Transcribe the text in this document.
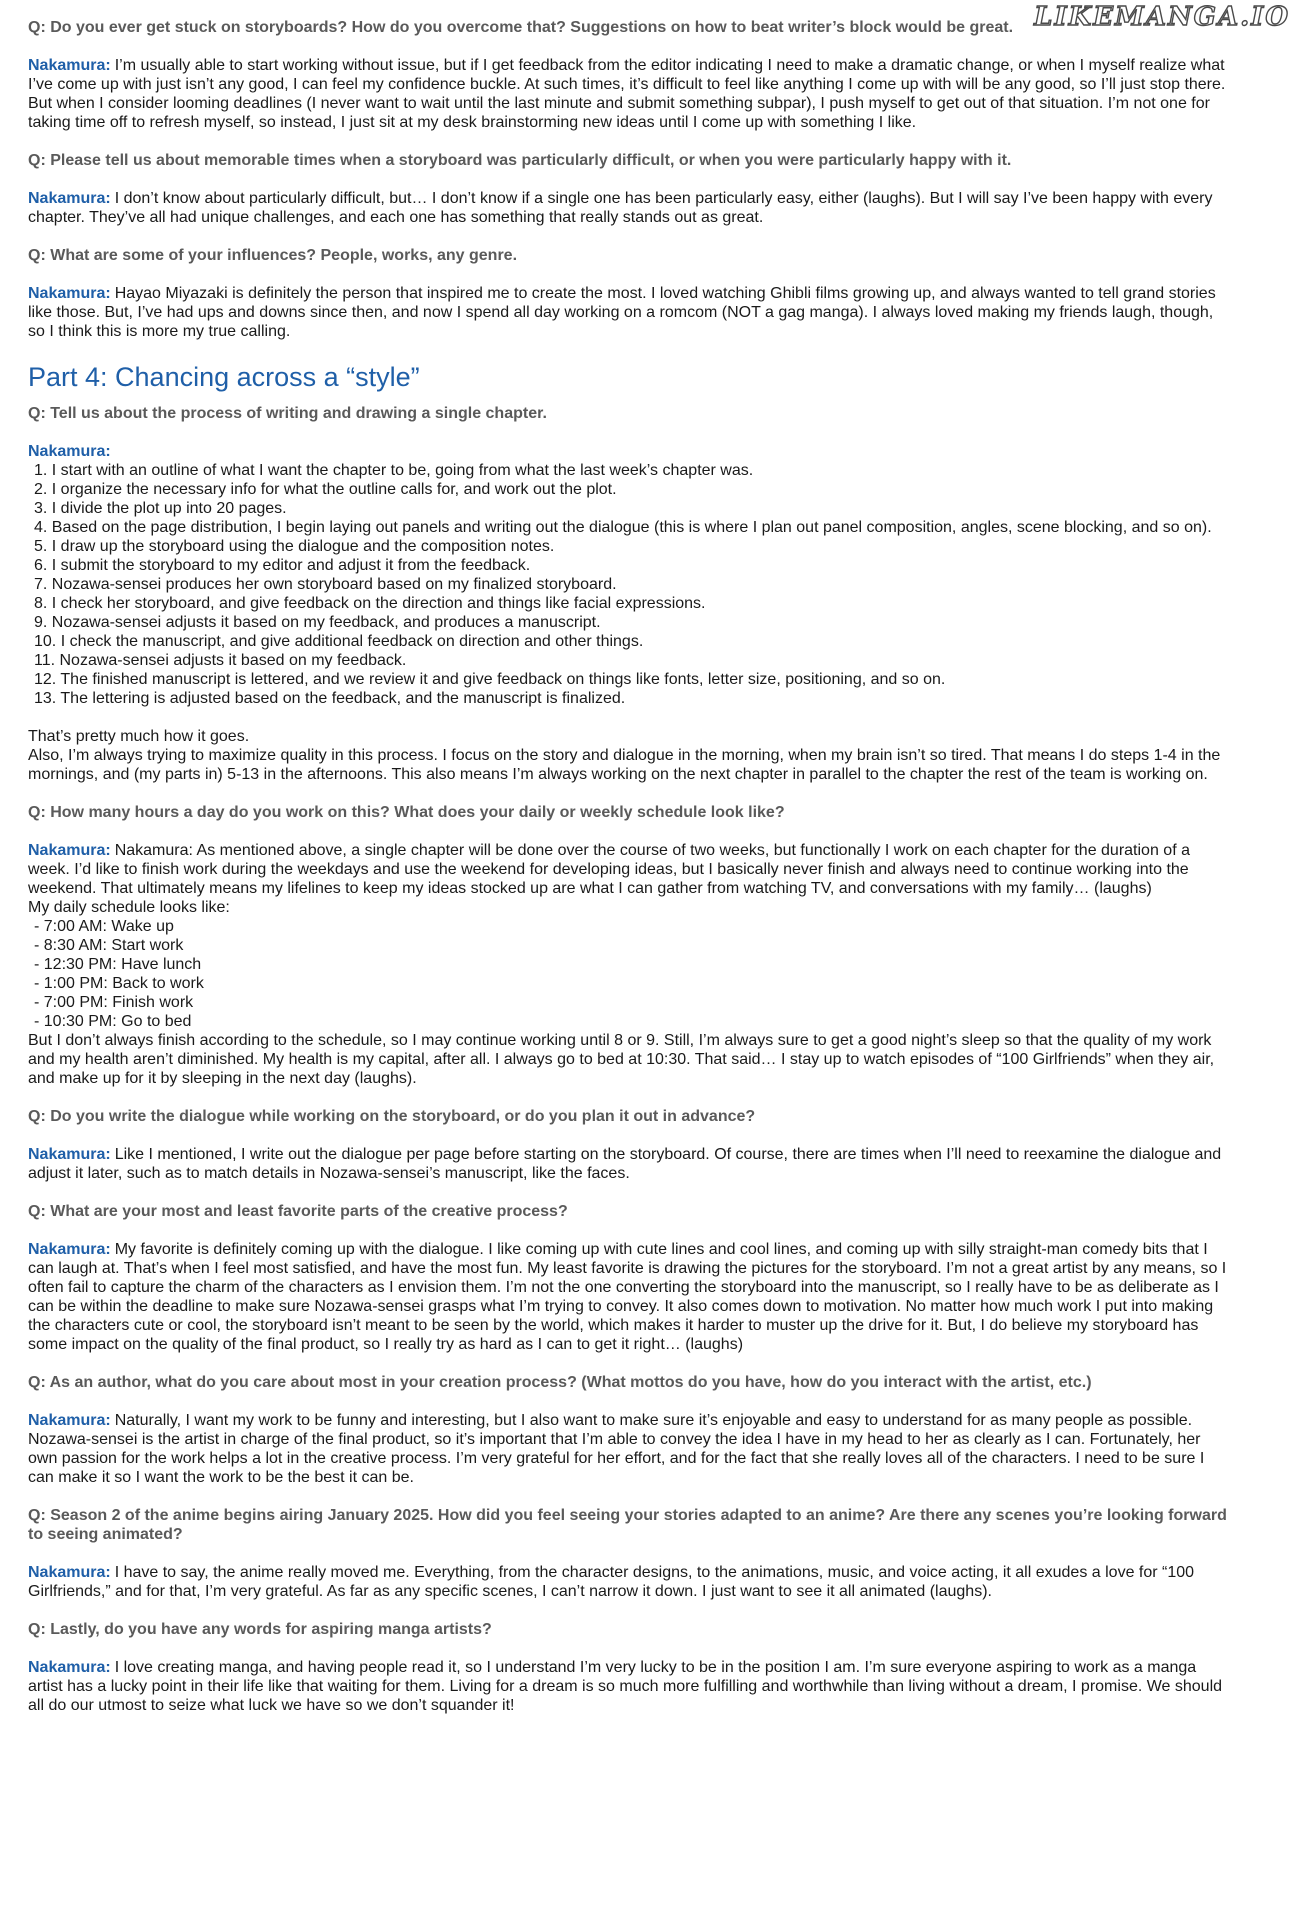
LIKEMANGA.IO

Q: Do you ever get stuck on storyboards? How do you overcome that? Suggestions on how to beat writer’s block would be great.

Nakamura: I’m usually able to start working without issue, but if I get feedback from the editor indicating I need to make a dramatic change, or when I myself realize what I’ve come up with just isn’t any good, I can feel my confidence buckle. At such times, it’s difficult to feel like anything I come up with will be any good, so I’ll just stop there. But when I consider looming deadlines (I never want to wait until the last minute and submit something subpar), I push myself to get out of that situation. I’m not one for taking time off to refresh myself, so instead, I just sit at my desk brainstorming new ideas until I come up with something I like.

Q: Please tell us about memorable times when a storyboard was particularly difficult, or when you were particularly happy with it.

Nakamura: I don’t know about particularly difficult, but… I don’t know if a single one has been particularly easy, either (laughs). But I will say I’ve been happy with every chapter. They’ve all had unique challenges, and each one has something that really stands out as great.

Q: What are some of your influences? People, works, any genre.

Nakamura: Hayao Miyazaki is definitely the person that inspired me to create the most. I loved watching Ghibli films growing up, and always wanted to tell grand stories like those. But, I’ve had ups and downs since then, and now I spend all day working on a romcom (NOT a gag manga). I always loved making my friends laugh, though, so I think this is more my true calling.

Part 4: Chancing across a “style”

Q: Tell us about the process of writing and drawing a single chapter.

Nakamura:
1. I start with an outline of what I want the chapter to be, going from what the last week’s chapter was.
2. I organize the necessary info for what the outline calls for, and work out the plot.
3. I divide the plot up into 20 pages.
4. Based on the page distribution, I begin laying out panels and writing out the dialogue (this is where I plan out panel composition, angles, scene blocking, and so on).
5. I draw up the storyboard using the dialogue and the composition notes.
6. I submit the storyboard to my editor and adjust it from the feedback.
7. Nozawa-sensei produces her own storyboard based on my finalized storyboard.
8. I check her storyboard, and give feedback on the direction and things like facial expressions.
9. Nozawa-sensei adjusts it based on my feedback, and produces a manuscript.
10. I check the manuscript, and give additional feedback on direction and other things.
11. Nozawa-sensei adjusts it based on my feedback.
12. The finished manuscript is lettered, and we review it and give feedback on things like fonts, letter size, positioning, and so on.
13. The lettering is adjusted based on the feedback, and the manuscript is finalized.
That’s pretty much how it goes.
Also, I’m always trying to maximize quality in this process. I focus on the story and dialogue in the morning, when my brain isn’t so tired. That means I do steps 1-4 in the mornings, and (my parts in) 5-13 in the afternoons. This also means I’m always working on the next chapter in parallel to the chapter the rest of the team is working on.

Q: How many hours a day do you work on this? What does your daily or weekly schedule look like?

Nakamura: Nakamura: As mentioned above, a single chapter will be done over the course of two weeks, but functionally I work on each chapter for the duration of a week. I’d like to finish work during the weekdays and use the weekend for developing ideas, but I basically never finish and always need to continue working into the weekend. That ultimately means my lifelines to keep my ideas stocked up are what I can gather from watching TV, and conversations with my family… (laughs)
My daily schedule looks like:
- 7:00 AM: Wake up
- 8:30 AM: Start work
- 12:30 PM: Have lunch
- 1:00 PM: Back to work
- 7:00 PM: Finish work
- 10:30 PM: Go to bed
But I don’t always finish according to the schedule, so I may continue working until 8 or 9. Still, I’m always sure to get a good night’s sleep so that the quality of my work and my health aren’t diminished. My health is my capital, after all. I always go to bed at 10:30. That said… I stay up to watch episodes of “100 Girlfriends” when they air, and make up for it by sleeping in the next day (laughs).

Q: Do you write the dialogue while working on the storyboard, or do you plan it out in advance?

Nakamura: Like I mentioned, I write out the dialogue per page before starting on the storyboard. Of course, there are times when I’ll need to reexamine the dialogue and adjust it later, such as to match details in Nozawa-sensei’s manuscript, like the faces.

Q: What are your most and least favorite parts of the creative process?

Nakamura: My favorite is definitely coming up with the dialogue. I like coming up with cute lines and cool lines, and coming up with silly straight-man comedy bits that I can laugh at. That’s when I feel most satisfied, and have the most fun. My least favorite is drawing the pictures for the storyboard. I’m not a great artist by any means, so I often fail to capture the charm of the characters as I envision them. I’m not the one converting the storyboard into the manuscript, so I really have to be as deliberate as I can be within the deadline to make sure Nozawa-sensei grasps what I’m trying to convey. It also comes down to motivation. No matter how much work I put into making the characters cute or cool, the storyboard isn’t meant to be seen by the world, which makes it harder to muster up the drive for it. But, I do believe my storyboard has some impact on the quality of the final product, so I really try as hard as I can to get it right… (laughs)

Q: As an author, what do you care about most in your creation process? (What mottos do you have, how do you interact with the artist, etc.)

Nakamura: Naturally, I want my work to be funny and interesting, but I also want to make sure it’s enjoyable and easy to understand for as many people as possible. Nozawa-sensei is the artist in charge of the final product, so it’s important that I’m able to convey the idea I have in my head to her as clearly as I can. Fortunately, her own passion for the work helps a lot in the creative process. I’m very grateful for her effort, and for the fact that she really loves all of the characters. I need to be sure I can make it so I want the work to be the best it can be.

Q: Season 2 of the anime begins airing January 2025. How did you feel seeing your stories adapted to an anime? Are there any scenes you’re looking forward to seeing animated?

Nakamura: I have to say, the anime really moved me. Everything, from the character designs, to the animations, music, and voice acting, it all exudes a love for “100 Girlfriends,” and for that, I’m very grateful. As far as any specific scenes, I can’t narrow it down. I just want to see it all animated (laughs).

Q: Lastly, do you have any words for aspiring manga artists?

Nakamura: I love creating manga, and having people read it, so I understand I’m very lucky to be in the position I am. I’m sure everyone aspiring to work as a manga artist has a lucky point in their life like that waiting for them. Living for a dream is so much more fulfilling and worthwhile than living without a dream, I promise. We should all do our utmost to seize what luck we have so we don’t squander it!
